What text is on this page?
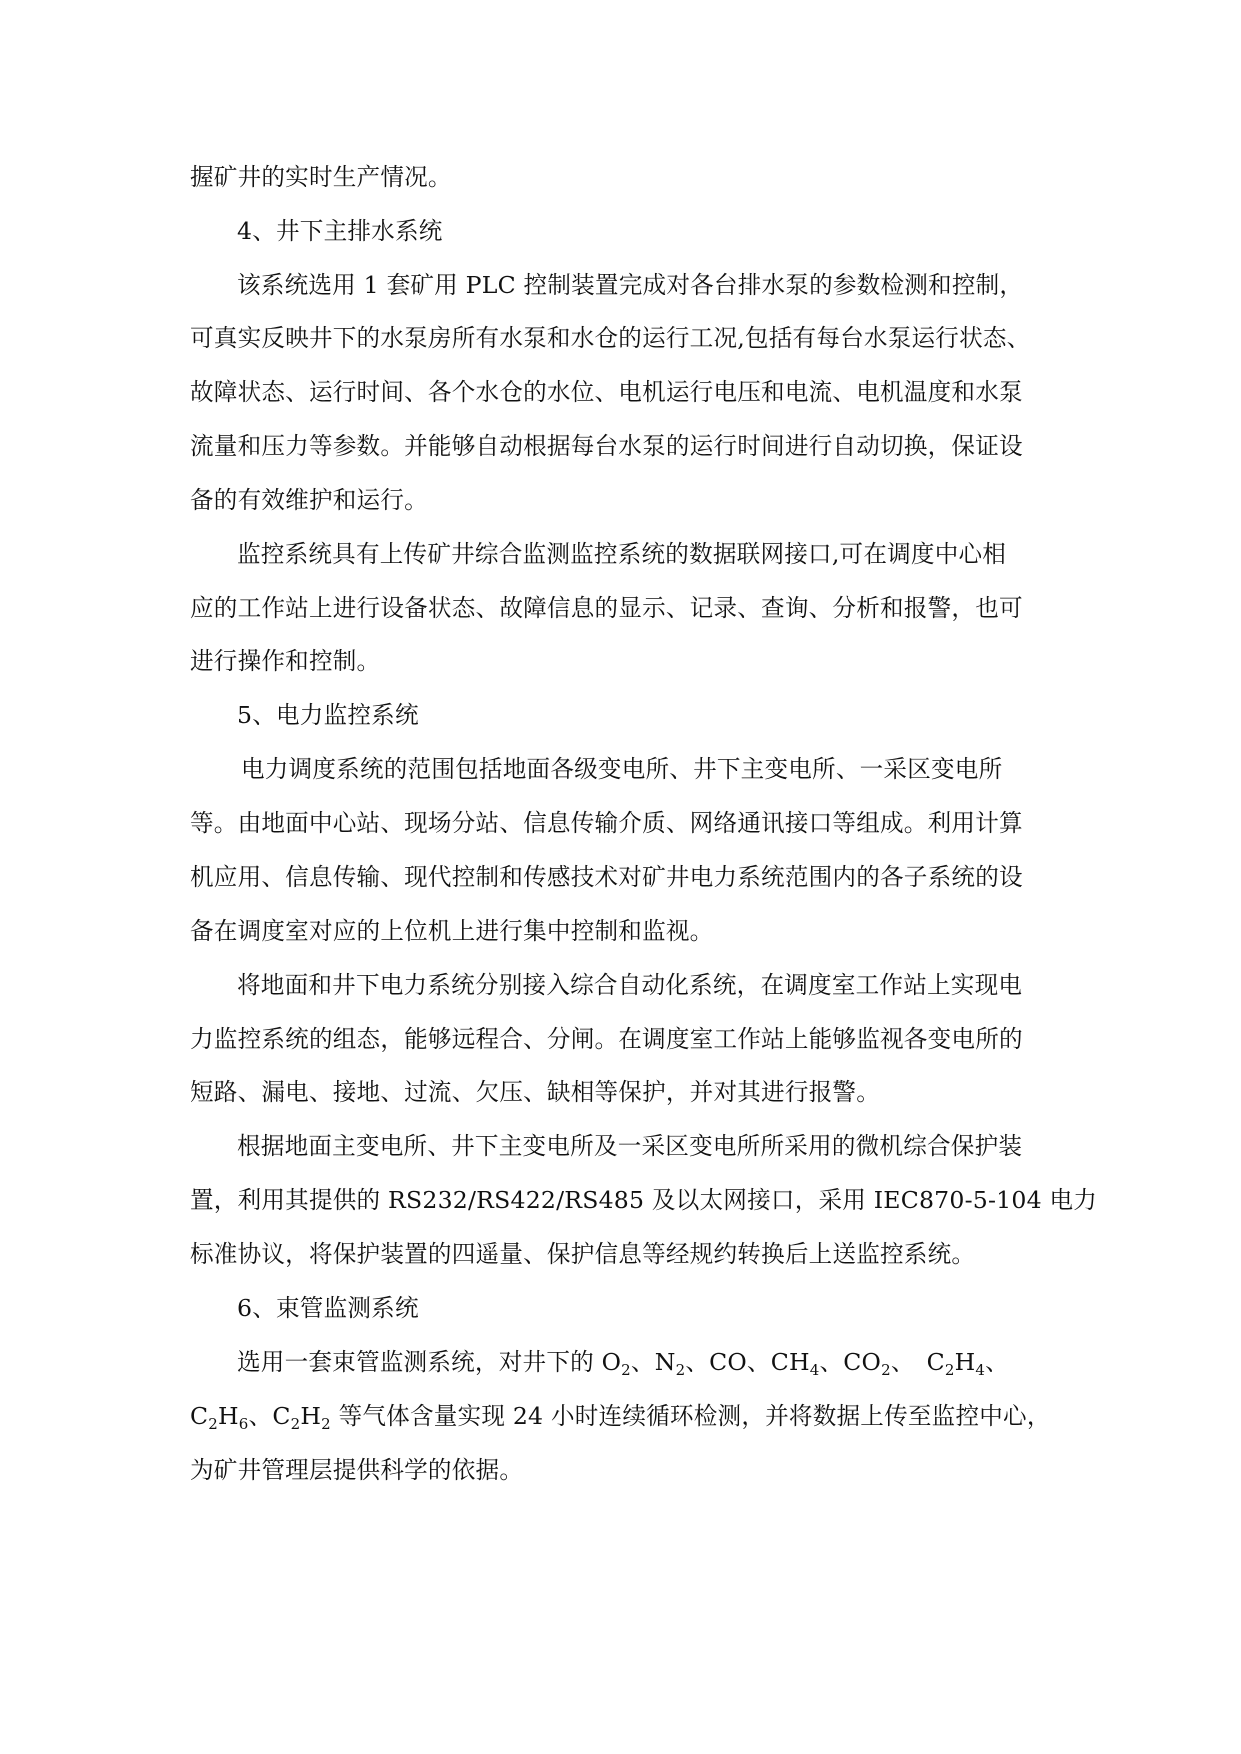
握矿井的实时生产情况。
4、井下主排水系统
该系统选用 1 套矿用 PLC 控制装置完成对各台排水泵的参数检测和控制，
可真实反映井下的水泵房所有水泵和水仓的运行工况,包括有每台水泵运行状态、
故障状态、运行时间、各个水仓的水位、电机运行电压和电流、电机温度和水泵
流量和压力等参数。并能够自动根据每台水泵的运行时间进行自动切换，保证设
备的有效维护和运行。
监控系统具有上传矿井综合监测监控系统的数据联网接口,可在调度中心相
应的工作站上进行设备状态、故障信息的显示、记录、查询、分析和报警，也可
进行操作和控制。
5、电力监控系统
电力调度系统的范围包括地面各级变电所、井下主变电所、一采区变电所
等。由地面中心站、现场分站、信息传输介质、网络通讯接口等组成。利用计算
机应用、信息传输、现代控制和传感技术对矿井电力系统范围内的各子系统的设
备在调度室对应的上位机上进行集中控制和监视。
将地面和井下电力系统分别接入综合自动化系统，在调度室工作站上实现电
力监控系统的组态，能够远程合、分闸。在调度室工作站上能够监视各变电所的
短路、漏电、接地、过流、欠压、缺相等保护，并对其进行报警。
根据地面主变电所、井下主变电所及一采区变电所所采用的微机综合保护装
置，利用其提供的 RS232/RS422/RS485 及以太网接口，采用 IEC870-5-104 电力
标准协议，将保护装置的四遥量、保护信息等经规约转换后上送监控系统。
6、束管监测系统
选用一套束管监测系统，对井下的 $O_2$、$N_2$、CO、$CH_4$、$CO_2$、　$C_2H_4$、
$C_2H_6$、$C_2H_2$ 等气体含量实现 24 小时连续循环检测，并将数据上传至监控中心，
为矿井管理层提供科学的依据。
